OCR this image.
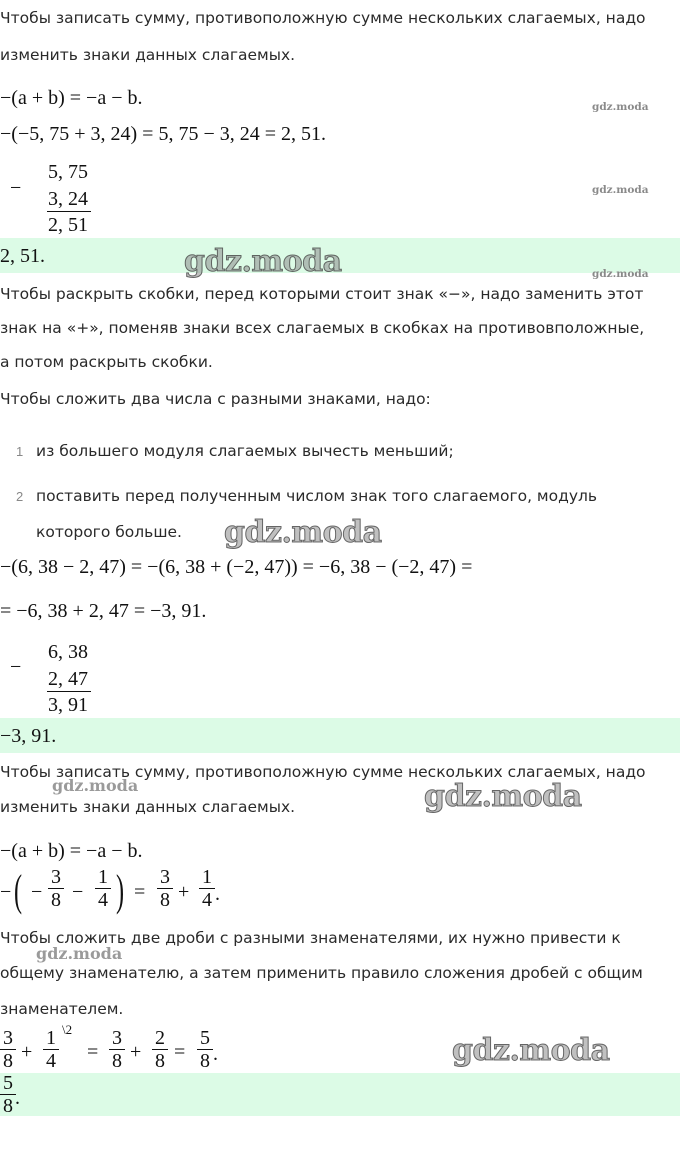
Чтобы записать сумму, противоположную сумме нескольких слагаемых, надо
изменить знаки данных слагаемых.
−(a + b) = −a − b.
−(−5, 75 + 3, 24) = 5, 75 − 3, 24 = 2, 51.
−
5, 75
3, 24
2, 51
2, 51.
Чтобы раскрыть скобки, перед которыми стоит знак «−», надо заменить этот
знак на «+», поменяв знаки всех слагаемых в скобках на противовположные,
а потом раскрыть скобки.
Чтобы сложить два числа с разными знаками, надо:
1 из большего модуля слагаемых вычесть меньший;
2 поставить перед полученным числом знак того слагаемого, модуль
которого больше.
−(6, 38 − 2, 47) = −(6, 38 + (−2, 47)) = −6, 38 − (−2, 47) =
= −6, 38 + 2, 47 = −3, 91.
−
6, 38
2, 47
3, 91
−3, 91.
Чтобы записать сумму, противоположную сумме нескольких слагаемых, надо
изменить знаки данных слагаемых.
−(a + b) = −a − b.
− ( − $\frac{3}{8} - \frac{1}{4}$ ) = $\frac{3}{8} + \frac{1}{4}$ .
Чтобы сложить две дроби с разными знаменателями, их нужно привести к
общему знаменателю, а затем применить правило сложения дробей с общим
знаменателем.
$\frac{3}{8} + \frac{1}{4}$ \2
= $\frac{3}{8} + \frac{2}{8} = \frac{5}{8}$ .
$\frac{5}{8}$ .
gdz.moda
gdz.moda
gdz.moda
gdz.moda
gdz.moda
gdz.moda	gdz.moda
gdz.moda
gdz.moda
